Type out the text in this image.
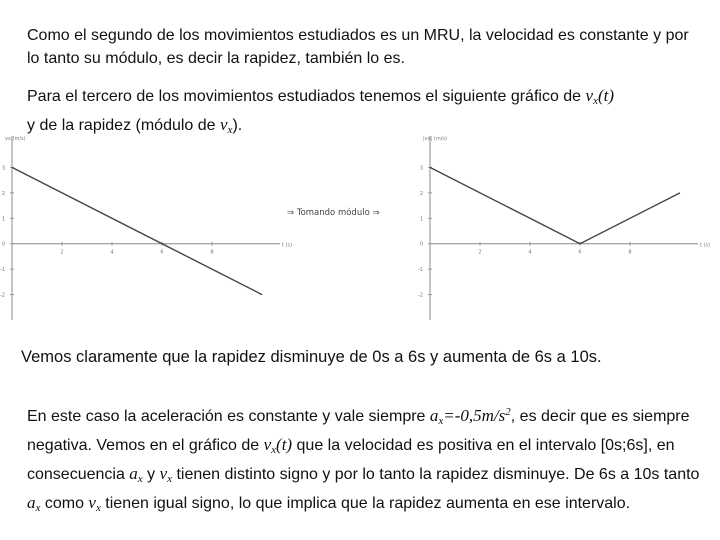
Como el segundo de los movimientos estudiados es un MRU, la velocidad es constante y por lo tanto su módulo, es decir la rapidez, también lo es.
Para el tercero de los movimientos estudiados tenemos el siguiente gráfico de $v_x(t)$
y de la rapidez (módulo de $v_x$).
3
2
1
0
-1
-2
2	4	6	8
vx (m/s)
t (s)
⇒ Tomando módulo ⇒
3
2
1
0
-1
-2
2	4	6	8
|vx| (m/s)
t (s)
Vemos claramente que la rapidez disminuye de 0s a 6s y aumenta de 6s a 10s.
En este caso la aceleración es constante y vale siempre $a_x=-0,5m/s^2$, es decir que es siempre negativa. Vemos en el gráfico de $v_x(t)$ que la velocidad es positiva en el intervalo [0s;6s], en consecuencia $a_x$ y $v_x$ tienen distinto signo y por lo tanto la rapidez disminuye. De 6s a 10s tanto $a_x$ como $v_x$ tienen igual signo, lo que implica que la rapidez aumenta en ese intervalo.
